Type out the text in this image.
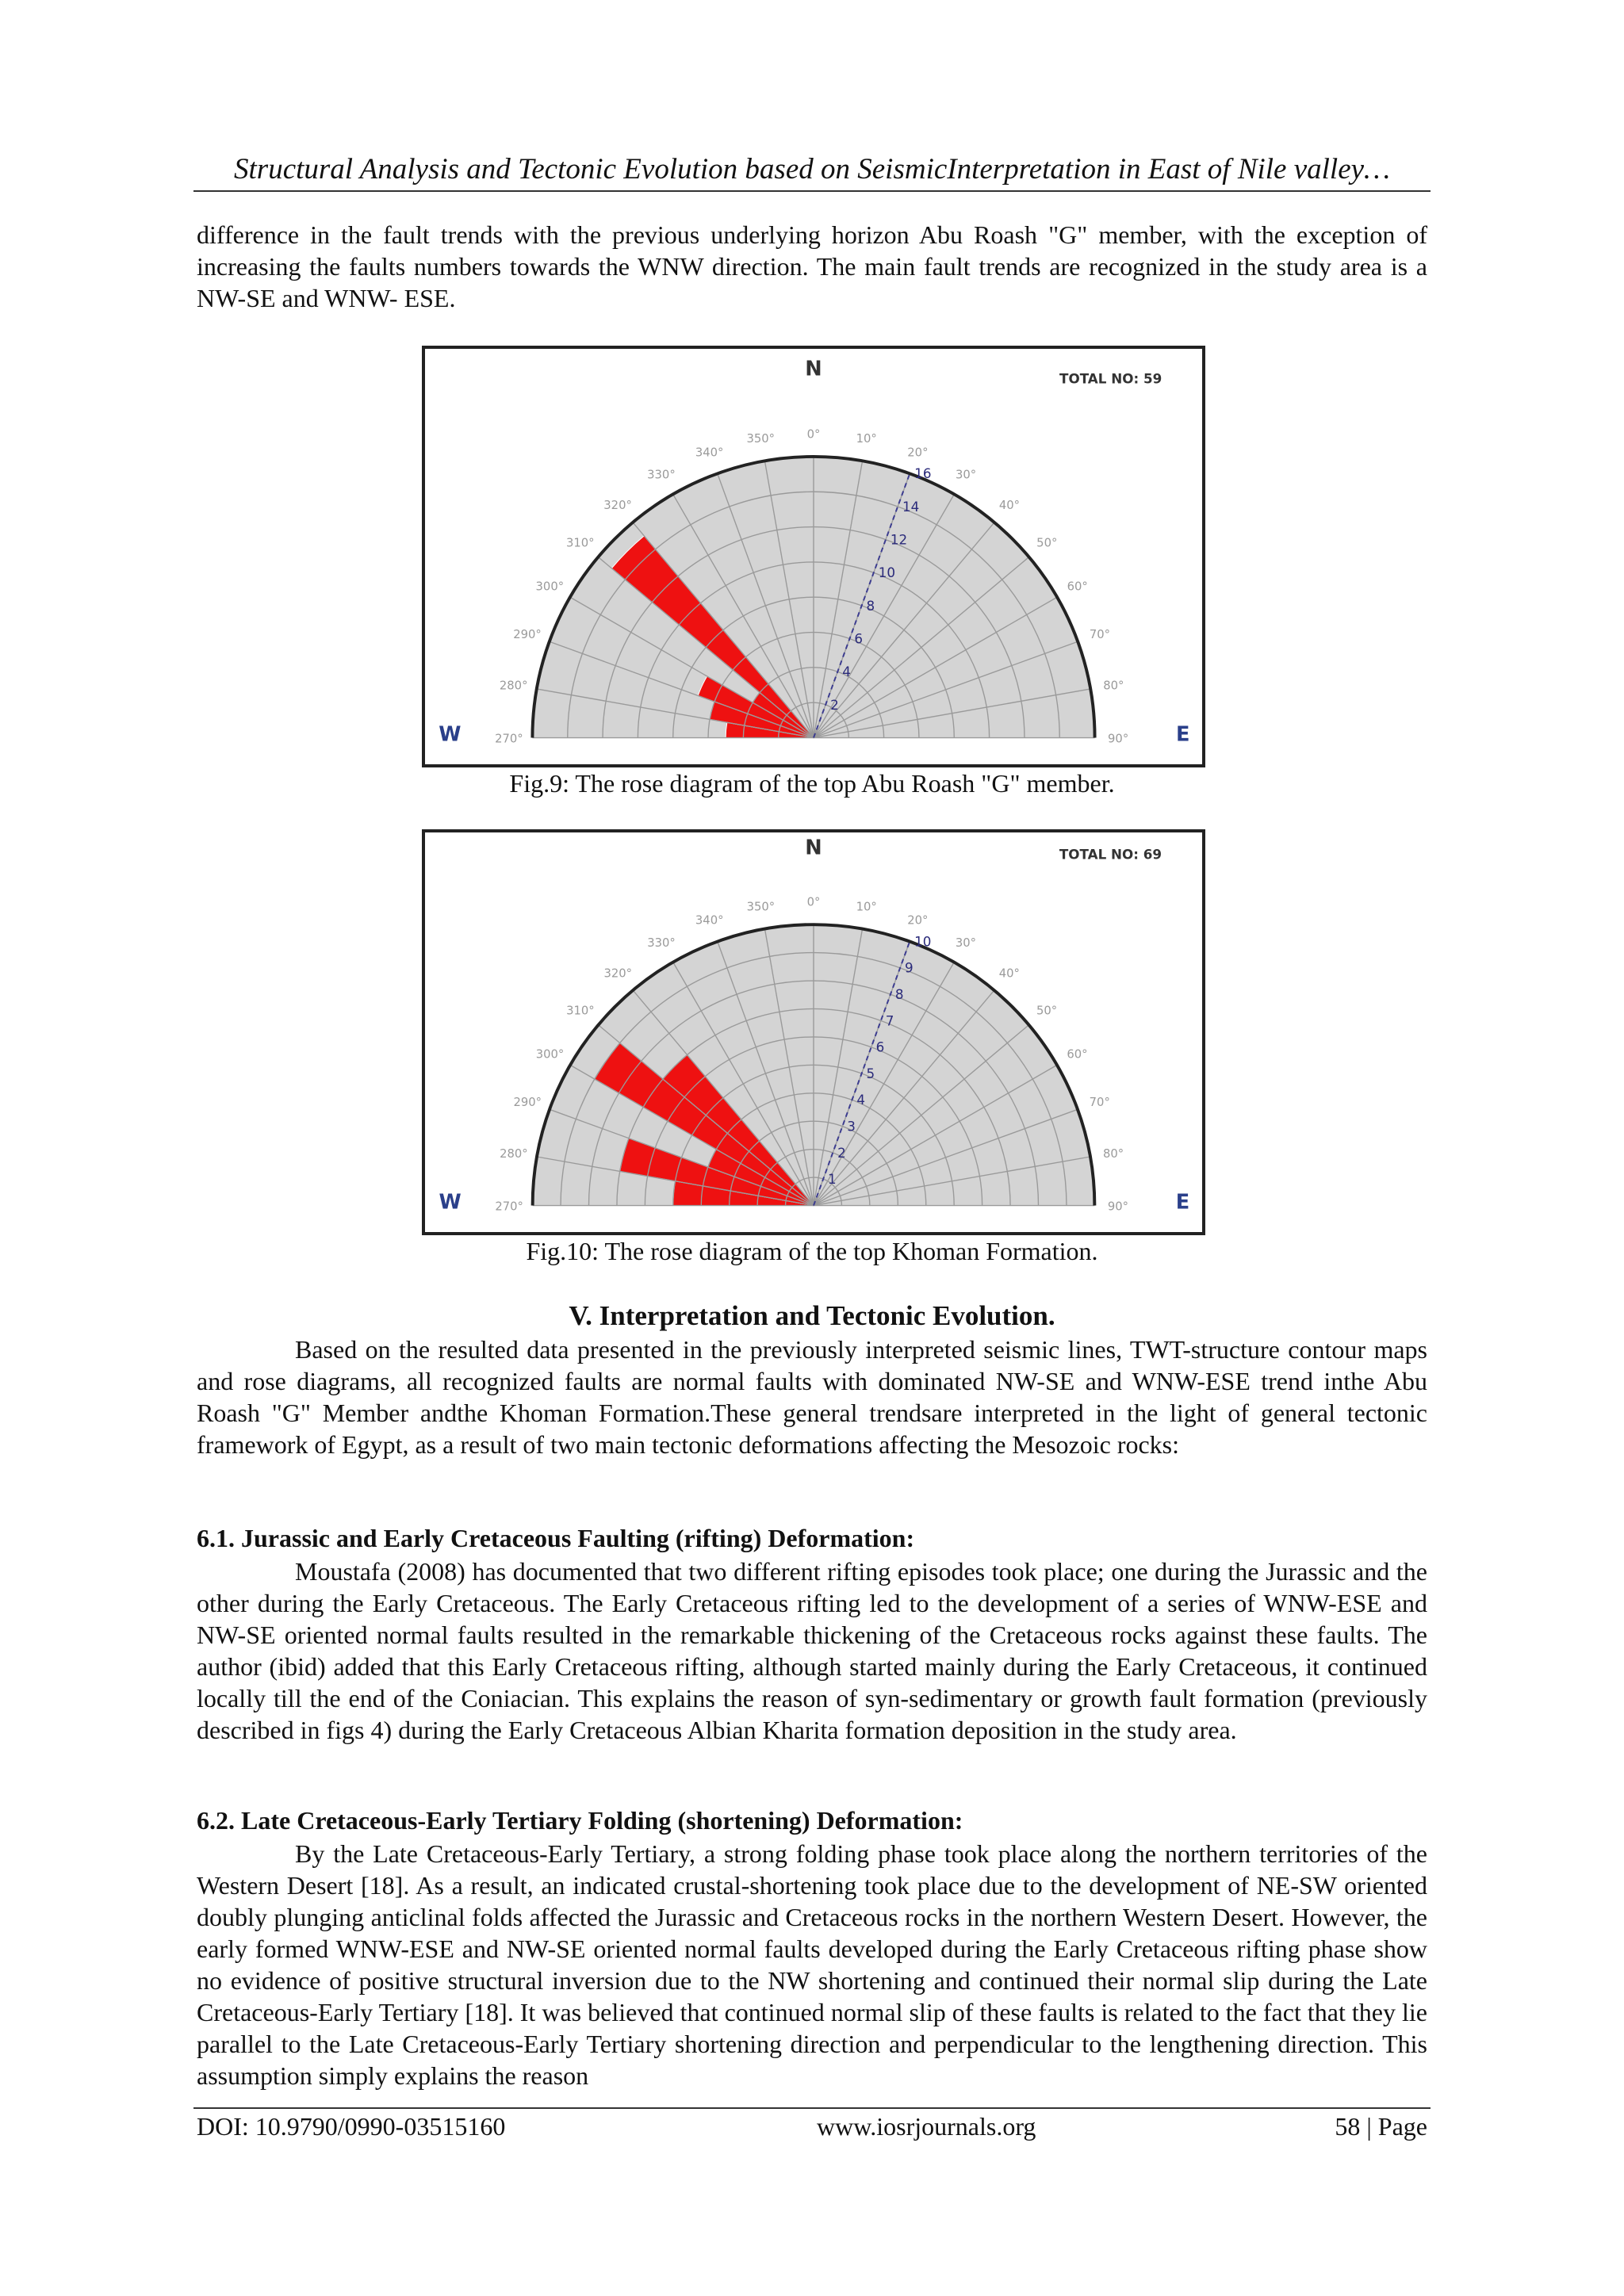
Structural Analysis and Tectonic Evolution based on SeismicInterpretation in East of Nile valley…

difference in the fault trends with the previous underlying horizon Abu Roash "G" member, with the exception of increasing the faults numbers towards the WNW direction. The main fault trends are recognized in the study area is a NW-SE and WNW- ESE.

2
4
6
8
10
12
14
16
270°
280°
290°
300°
310°
320°
330°
340°
350°	0°	10°
20°
30°
40°
50°
60°
70°
80°
90°
N
W	E
TOTAL NO: 59
Fig.9: The rose diagram of the top Abu Roash "G" member.
1
2
3
4
5
6
7
8
9
10
270°
280°
290°
300°
310°
320°
330°
340°
350°	0°	10°
20°
30°
40°
50°
60°
70°
80°
90°
N
W	E
TOTAL NO: 69
Fig.10: The rose diagram of the top Khoman Formation.
V. Interpretation and Tectonic Evolution.

Based on the resulted data presented in the previously interpreted seismic lines, TWT-structure contour maps and rose diagrams, all recognized faults are normal faults with dominated NW-SE and WNW-ESE trend inthe Abu Roash "G" Member andthe Khoman Formation.These general trendsare interpreted in the light of general tectonic framework of Egypt, as a result of two main tectonic deformations affecting the Mesozoic rocks:

6.1. Jurassic and Early Cretaceous Faulting (rifting) Deformation:

Moustafa (2008) has documented that two different rifting episodes took place; one during the Jurassic and the other during the Early Cretaceous. The Early Cretaceous rifting led to the development of a series of WNW-ESE and NW-SE oriented normal faults resulted in the remarkable thickening of the Cretaceous rocks against these faults. The author (ibid) added that this Early Cretaceous rifting, although started mainly during the Early Cretaceous, it continued locally till the end of the Coniacian. This explains the reason of syn-sedimentary or growth fault formation (previously described in figs 4) during the Early Cretaceous Albian Kharita formation deposition in the study area.

6.2. Late Cretaceous-Early Tertiary Folding (shortening) Deformation:

By the Late Cretaceous-Early Tertiary, a strong folding phase took place along the northern territories of the Western Desert [18]. As a result, an indicated crustal-shortening took place due to the development of NE-SW oriented doubly plunging anticlinal folds affected the Jurassic and Cretaceous rocks in the northern Western Desert. However, the early formed WNW-ESE and NW-SE oriented normal faults developed during the Early Cretaceous rifting phase show no evidence of positive structural inversion due to the NW shortening and continued their normal slip during the Late Cretaceous-Early Tertiary [18]. It was believed that continued normal slip of these faults is related to the fact that they lie parallel to the Late Cretaceous-Early Tertiary shortening direction and perpendicular to the lengthening direction. This assumption simply explains the reason

DOI: 10.9790/0990-03515160	www.iosrjournals.org	58 | Page
